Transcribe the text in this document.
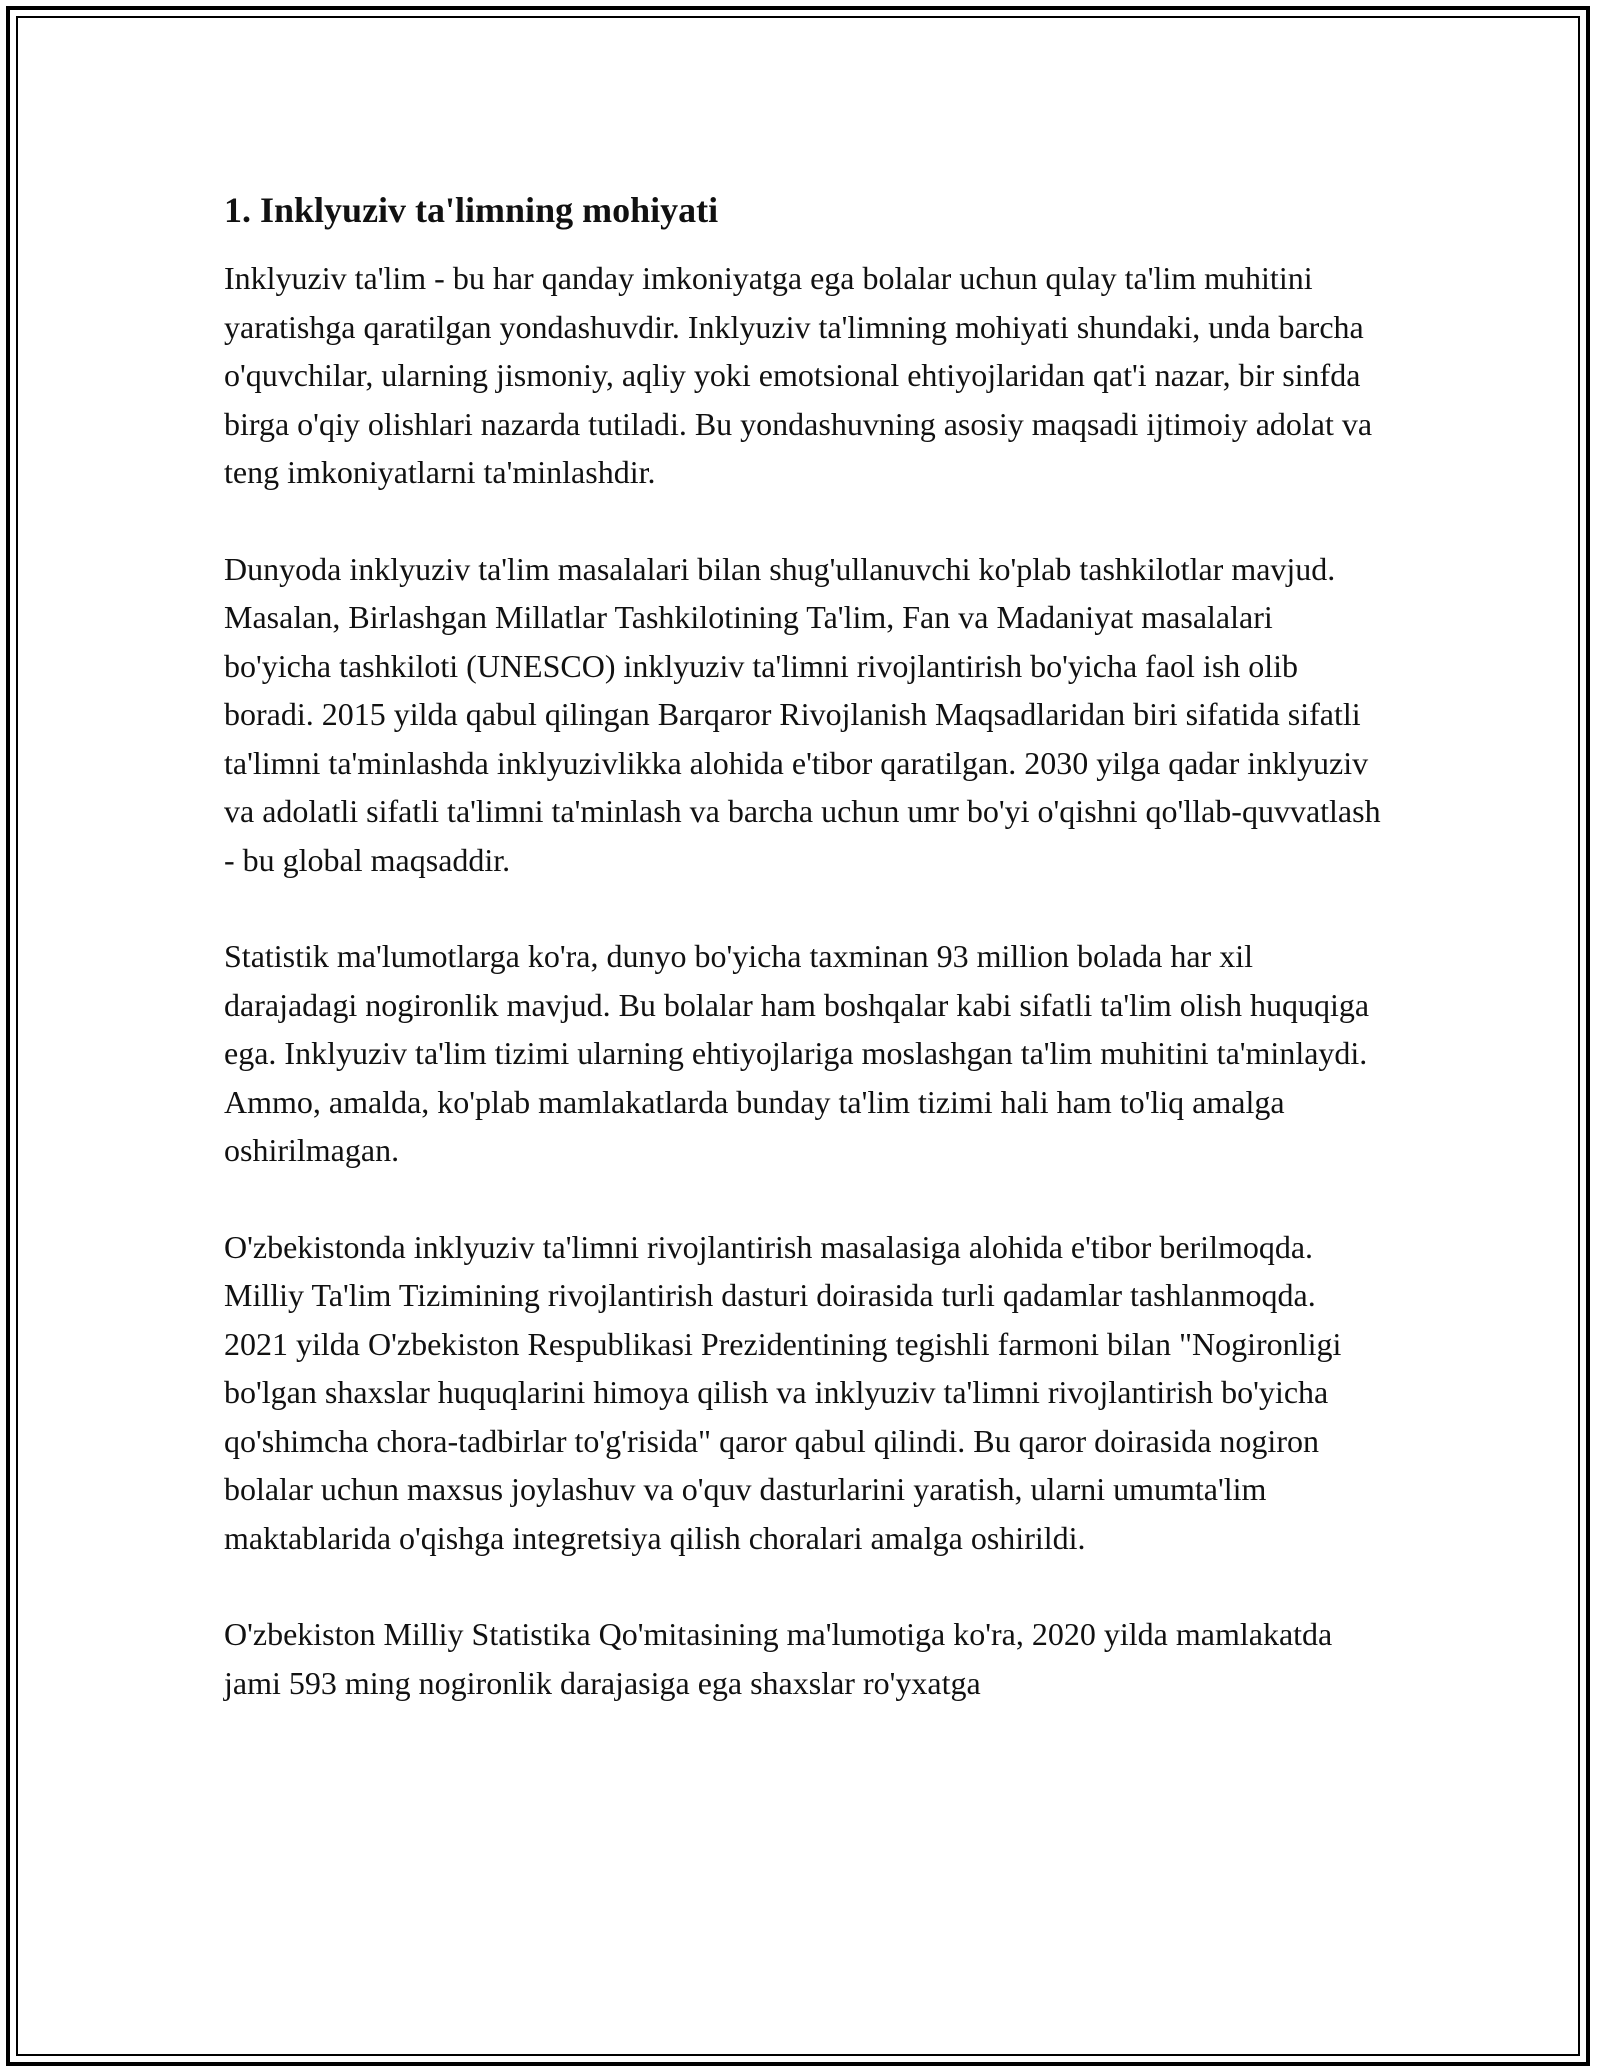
1. Inklyuziv ta'limning mohiyati

Inklyuziv ta'lim - bu har qanday imkoniyatga ega bolalar uchun qulay ta'lim muhitini yaratishga qaratilgan yondashuvdir. Inklyuziv ta'limning mohiyati shundaki, unda barcha o'quvchilar, ularning jismoniy, aqliy yoki emotsional ehtiyojlaridan qat'i nazar, bir sinfda birga o'qiy olishlari nazarda tutiladi. Bu yondashuvning asosiy maqsadi ijtimoiy adolat va teng imkoniyatlarni ta'minlashdir.

Dunyoda inklyuziv ta'lim masalalari bilan shug'ullanuvchi ko'plab tashkilotlar mavjud. Masalan, Birlashgan Millatlar Tashkilotining Ta'lim, Fan va Madaniyat masalalari bo'yicha tashkiloti (UNESCO) inklyuziv ta'limni rivojlantirish bo'yicha faol ish olib boradi. 2015 yilda qabul qilingan Barqaror Rivojlanish Maqsadlaridan biri sifatida sifatli ta'limni ta'minlashda inklyuzivlikka alohida e'tibor qaratilgan. 2030 yilga qadar inklyuziv va adolatli sifatli ta'limni ta'minlash va barcha uchun umr bo'yi o'qishni qo'llab-quvvatlash - bu global maqsaddir.

Statistik ma'lumotlarga ko'ra, dunyo bo'yicha taxminan 93 million bolada har xil darajadagi nogironlik mavjud. Bu bolalar ham boshqalar kabi sifatli ta'lim olish huquqiga ega. Inklyuziv ta'lim tizimi ularning ehtiyojlariga moslashgan ta'lim muhitini ta'minlaydi. Ammo, amalda, ko'plab mamlakatlarda bunday ta'lim tizimi hali ham to'liq amalga oshirilmagan.

O'zbekistonda inklyuziv ta'limni rivojlantirish masalasiga alohida e'tibor berilmoqda. Milliy Ta'lim Tizimining rivojlantirish dasturi doirasida turli qadamlar tashlanmoqda. 2021 yilda O'zbekiston Respublikasi Prezidentining tegishli farmoni bilan "Nogironligi bo'lgan shaxslar huquqlarini himoya qilish va inklyuziv ta'limni rivojlantirish bo'yicha qo'shimcha chora-tadbirlar to'g'risida" qaror qabul qilindi. Bu qaror doirasida nogiron bolalar uchun maxsus joylashuv va o'quv dasturlarini yaratish, ularni umumta'lim maktablarida o'qishga integretsiya qilish choralari amalga oshirildi.

O'zbekiston Milliy Statistika Qo'mitasining ma'lumotiga ko'ra, 2020 yilda mamlakatda jami 593 ming nogironlik darajasiga ega shaxslar ro'yxatga
